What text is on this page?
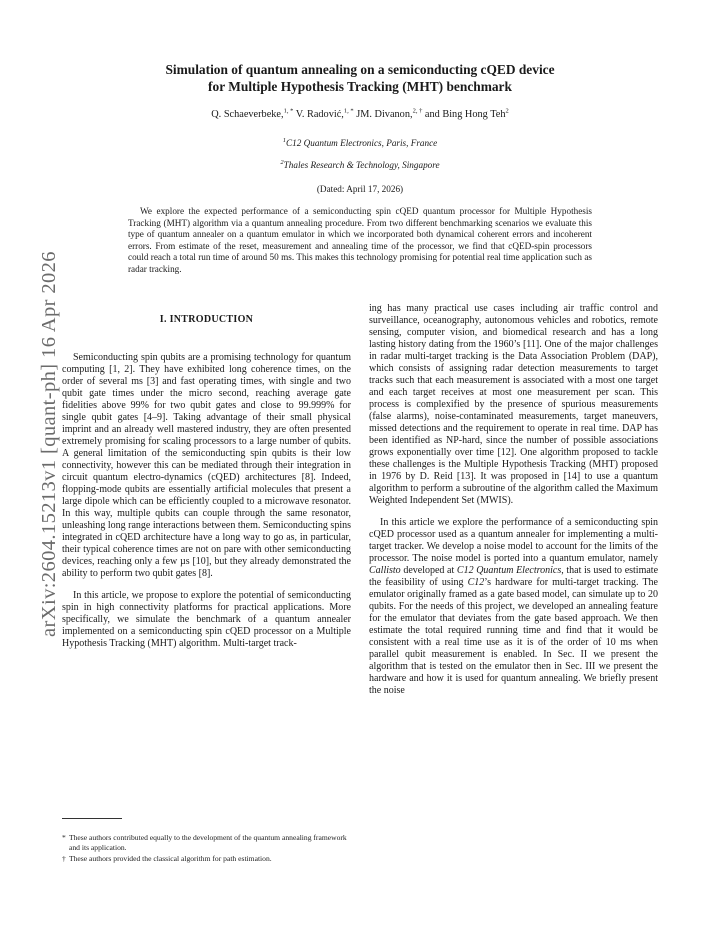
arXiv:2604.15213v1 [quant-ph] 16 Apr 2026
Simulation of quantum annealing on a semiconducting cQED device
for Multiple Hypothesis Tracking (MHT) benchmark
Q. Schaeverbeke,$^{1, *}$ V. Radović,$^{1, *}$ JM. Divanon,$^{2, \dagger}$ and Bing Hong Teh$^2$
$^1$C12 Quantum Electronics, Paris, France
$^2$Thales Research & Technology, Singapore
(Dated: April 17, 2026)
We explore the expected performance of a semiconducting spin cQED quantum processor for Multiple Hypothesis Tracking (MHT) algorithm via a quantum annealing procedure. From two different benchmarking scenarios we evaluate this type of quantum annealer on a quantum emulator in which we incorporated both dynamical coherent errors and incoherent errors. From estimate of the reset, measurement and annealing time of the processor, we find that cQED-spin processors could reach a total run time of around 50 ms. This makes this technology promising for potential real time application such as radar tracking.
I. INTRODUCTION

Semiconducting spin qubits are a promising technology for quantum computing [1, 2]. They have exhibited long coherence times, on the order of several ms [3] and fast operating times, with single and two qubit gate times under the micro second, reaching average gate fidelities above 99% for two qubit gates and close to 99.999% for single qubit gates [4–9]. Taking advantage of their small physical imprint and an already well mastered industry, they are often presented extremely promising for scaling processors to a large number of qubits. A general limitation of the semiconducting spin qubits is their low connectivity, however this can be mediated through their integration in circuit quantum electro-dynamics (cQED) architectures [8]. Indeed, flopping-mode qubits are essentially artificial molecules that present a large dipole which can be efficiently coupled to a microwave resonator. In this way, multiple qubits can couple through the same resonator, unleashing long range interactions between them. Semiconducting spins integrated in cQED architecture have a long way to go as, in particular, their typical coherence times are not on pare with other semiconducting devices, reaching only a few µs [10], but they already demonstrated the ability to perform two qubit gates [8].

In this article, we propose to explore the potential of semiconducting spin in high connectivity platforms for practical applications. More specifically, we simulate the benchmark of a quantum annealer implemented on a semiconducting spin cQED processor on a Multiple Hypothesis Tracking (MHT) algorithm. Multi-target track-

ing has many practical use cases including air traffic control and surveillance, oceanography, autonomous vehicles and robotics, remote sensing, computer vision, and biomedical research and has a long lasting history dating from the 1960’s [11]. One of the major challenges in radar multi-target tracking is the Data Association Problem (DAP), which consists of assigning radar detection measurements to target tracks such that each measurement is associated with a most one target and each target receives at most one measurement per scan. This process is complexified by the presence of spurious measurements (false alarms), noise-contaminated measurements, target maneuvers, missed detections and the requirement to operate in real time. DAP has been identified as NP-hard, since the number of possible associations grows exponentially over time [12]. One algorithm proposed to tackle these challenges is the Multiple Hypothesis Tracking (MHT) proposed in 1976 by D. Reid [13]. It was proposed in [14] to use a quantum algorithm to perform a subroutine of the algorithm called the Maximum Weighted Independent Set (MWIS).

In this article we explore the performance of a semiconducting spin cQED processor used as a quantum annealer for implementing a multi-target tracker. We develop a noise model to account for the limits of the processor. The noise model is ported into a quantum emulator, namely Callisto developed at C12 Quantum Electronics, that is used to estimate the feasibility of using C12’s hardware for multi-target tracking. The emulator originally framed as a gate based model, can simulate up to 20 qubits. For the needs of this project, we developed an annealing feature for the emulator that deviates from the gate based approach. We then estimate the total required running time and find that it would be consistent with a real time use as it is of the order of 10 ms when parallel qubit measurement is enabled. In Sec. II we present the algorithm that is tested on the emulator then in Sec. III we present the hardware and how it is used for quantum annealing. We briefly present the noise

* These authors contributed equally to the development of the quantum annealing framework and its application.
† These authors provided the classical algorithm for path estimation.
